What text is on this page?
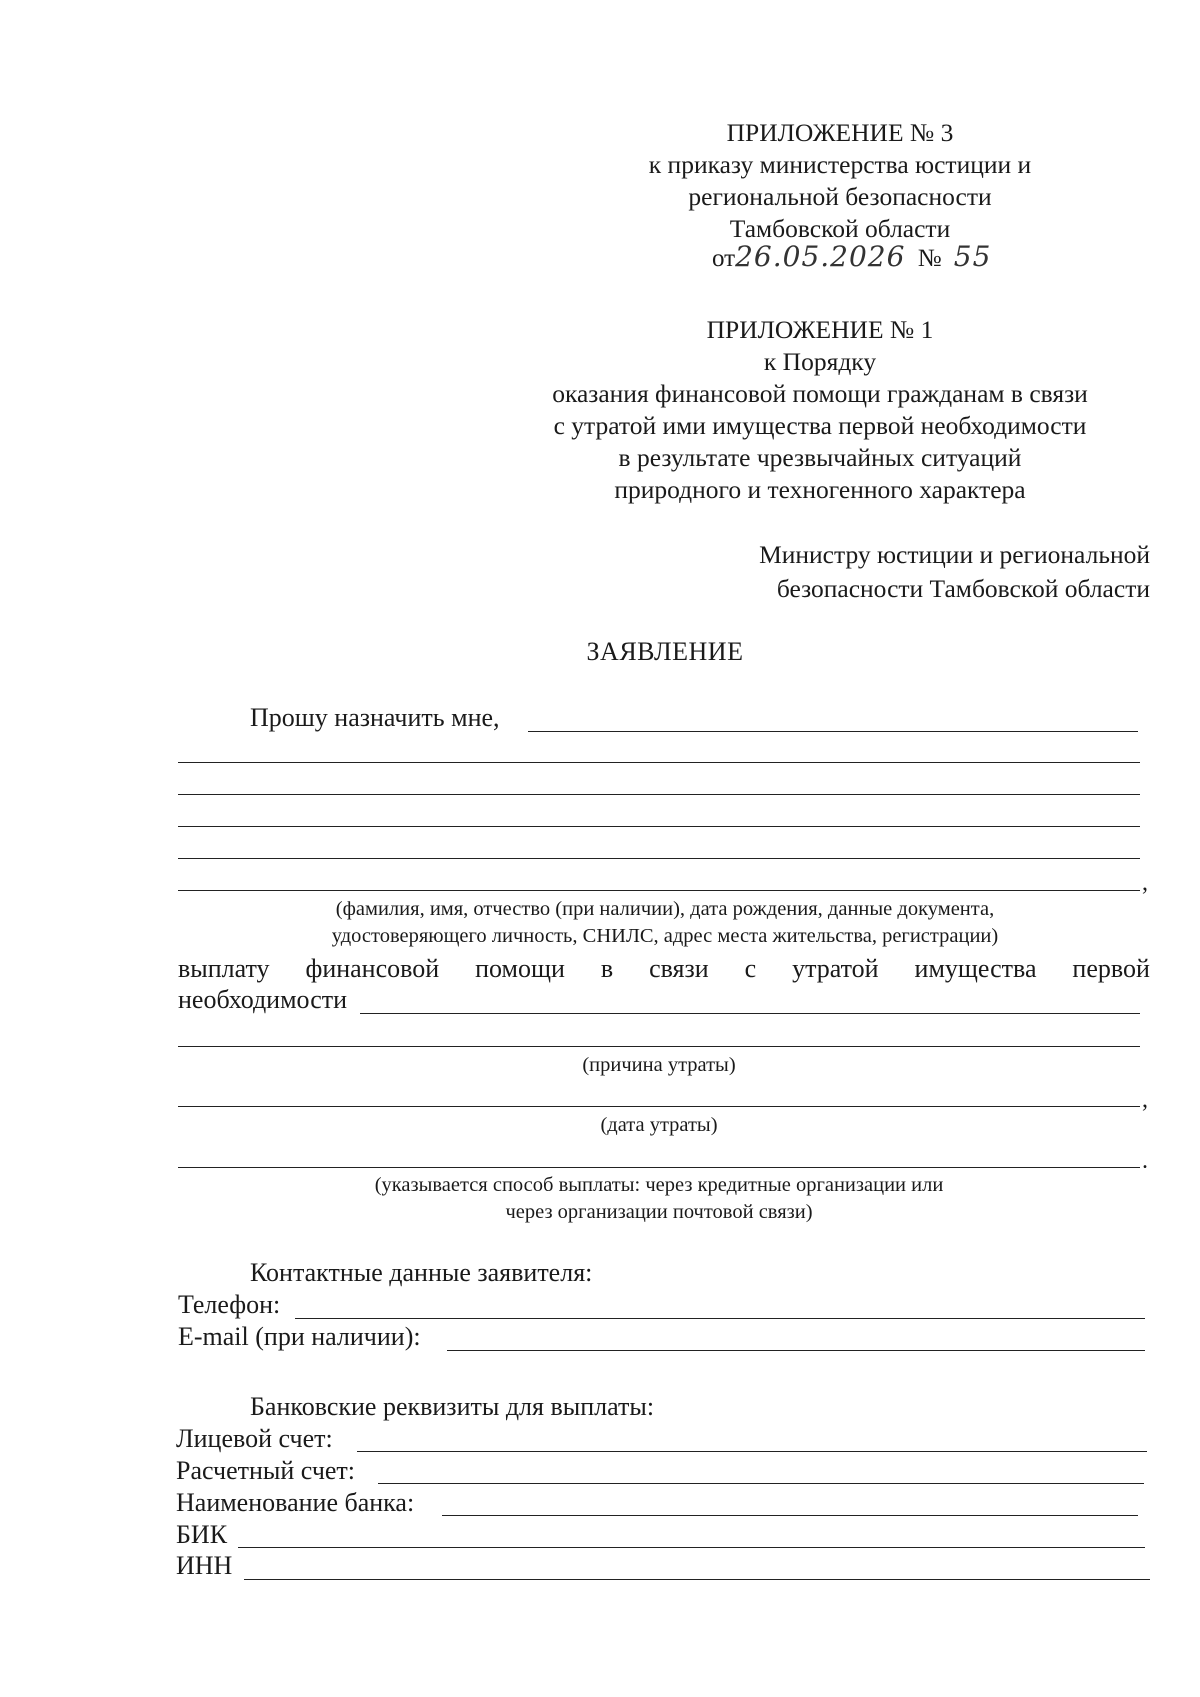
ПРИЛОЖЕНИЕ № 3
к приказу министерства юстиции и
региональной безопасности
Тамбовской области
от26.05.2026 № 55
ПРИЛОЖЕНИЕ № 1
к Порядку
оказания финансовой помощи гражданам в связи
с утратой ими имущества первой необходимости
в результате чрезвычайных ситуаций
природного и техногенного характера
Министру юстиции и региональной
безопасности Тамбовской области
ЗАЯВЛЕНИЕ
Прошу назначить мне,
,
(фамилия, имя, отчество (при наличии), дата рождения, данные документа,
удостоверяющего личность, СНИЛС, адрес места жительства, регистрации)
выплату финансовой помощи в связи с утратой имущества первой
необходимости
(причина утраты)
,
(дата утраты)
.
(указывается способ выплаты: через кредитные организации или
через организации почтовой связи)
Контактные данные заявителя:
Телефон:
E-mail (при наличии):
Банковские реквизиты для выплаты:
Лицевой счет:
Расчетный счет:
Наименование банка:
БИК
ИНН
